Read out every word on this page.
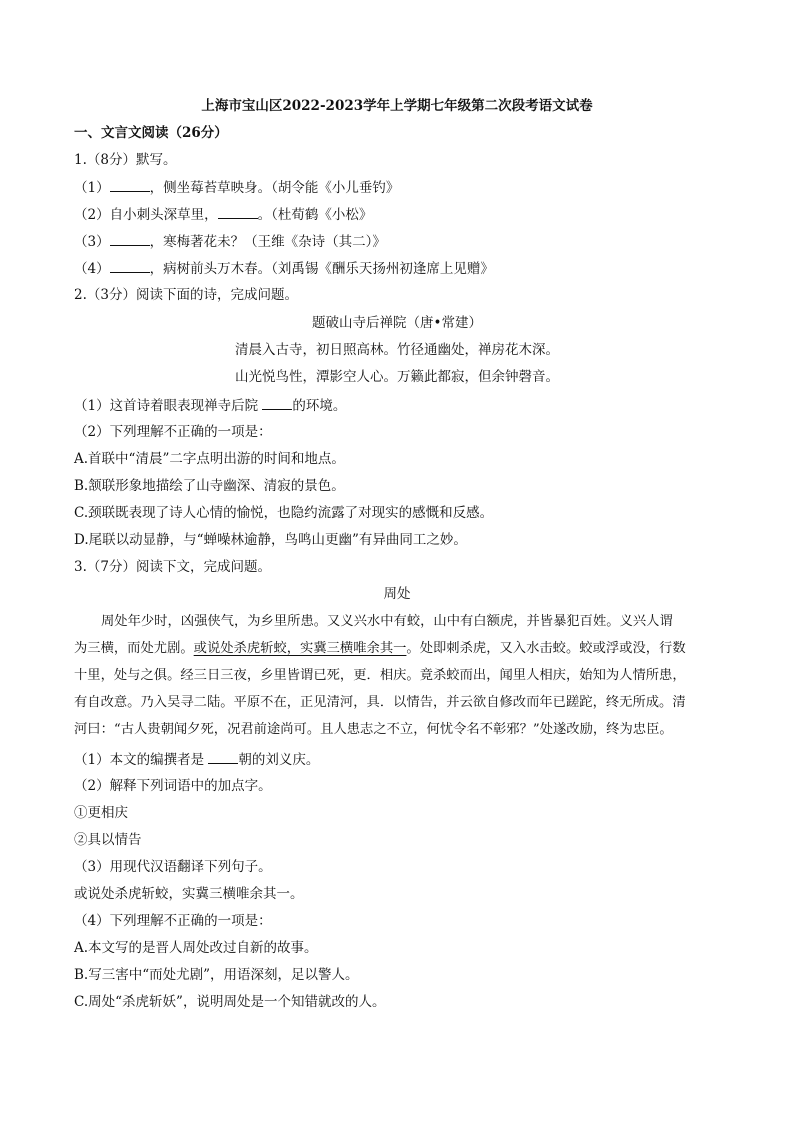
上海市宝山区2022-2023学年上学期七年级第二次段考语文试卷
一、文言文阅读（26分）
1.（8分）默写。
（1）	，侧坐莓苔草映身。（胡令能《小儿垂钓》
（2）自小刺头深草里，	。（杜荀鹤《小松》
（3）	，寒梅著花未？（王维《杂诗（其二）》
（4）	，病树前头万木春。（刘禹锡《酬乐天扬州初逢席上见赠》
2.（3分）阅读下面的诗，完成问题。
题破山寺后禅院（唐•常建）
清晨入古寺，初日照高林。竹径通幽处，禅房花木深。
山光悦鸟性，潭影空人心。万籁此都寂，但余钟磬音。
（1）这首诗着眼表现禅寺后院	的环境。
（2）下列理解不正确的一项是：
A.首联中“清晨”二字点明出游的时间和地点。
B.颔联形象地描绘了山寺幽深、清寂的景色。
C.颈联既表现了诗人心情的愉悦，也隐约流露了对现实的感慨和反感。
D.尾联以动显静，与“蝉噪林逾静，鸟鸣山更幽”有异曲同工之妙。
3.（7分）阅读下文，完成问题。
周处
周处年少时，凶强侠气，为乡里所患。又义兴水中有蛟，山中有白额虎，并皆暴犯百姓。义兴人谓
为三横，而处尤剧。或说处杀虎斩蛟，实冀三横唯余其一。处即刺杀虎，又入水击蛟。蛟或浮或没，行数
十里，处与之俱。经三日三夜，乡里皆谓已死，更．相庆。竟杀蛟而出，闻里人相庆，始知为人情所患，
有自改意。乃入吴寻二陆。平原不在，正见清河，具．以情告，并云欲自修改而年已蹉跎，终无所成。清
河曰：“古人贵朝闻夕死，况君前途尚可。且人患志之不立，何忧令名不彰邪？”处遂改励，终为忠臣。
（1）本文的编撰者是	朝的刘义庆。
（2）解释下列词语中的加点字。
①更相庆
②具以情告
（3）用现代汉语翻译下列句子。
或说处杀虎斩蛟，实冀三横唯余其一。
（4）下列理解不正确的一项是：
A.本文写的是晋人周处改过自新的故事。
B.写三害中“而处尤剧”，用语深刻，足以警人。
C.周处“杀虎斩妖”，说明周处是一个知错就改的人。
